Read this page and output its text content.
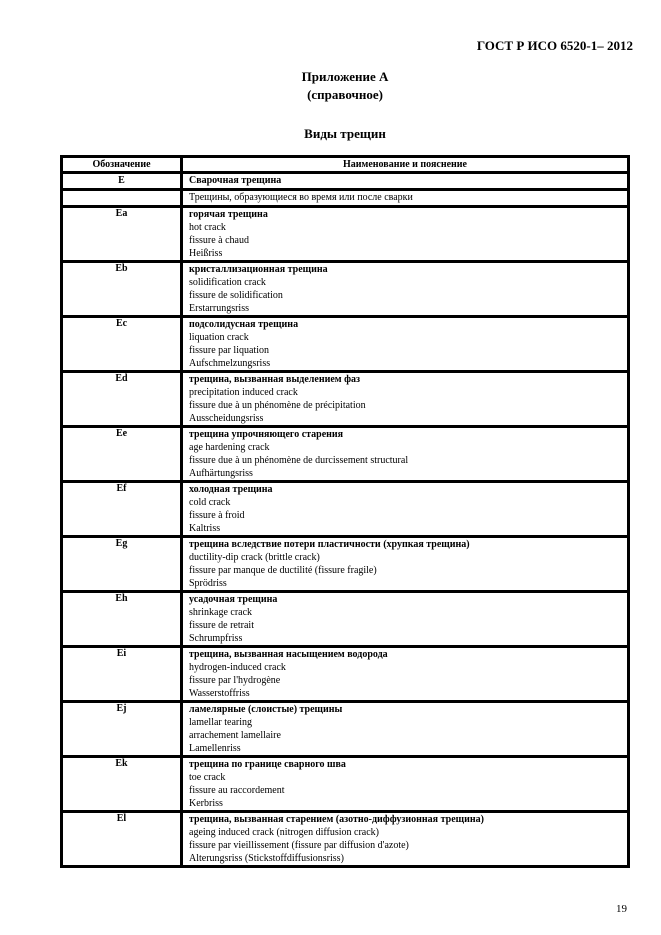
ГОСТ Р ИСО 6520-1– 2012
Приложение А
(справочное)
Виды трещин
Обозначение	Наименование и пояснение
E	Сварочная трещина
	Трещины, образующиеся во время или после сварки
Ea	горячая трещина
hot crack
fissure à chaud
Heißriss

Eb	кристаллизационная трещина
solidification crack
fissure de solidification
Erstarrungsriss

Ec	подсолидусная трещина
liquation crack
fissure par liquation
Aufschmelzungsriss

Ed	трещина, вызванная выделением фаз
precipitation induced crack
fissure due à un phénomène de précipitation
Ausscheidungsriss

Ee	трещина упрочняющего старения
age hardening crack
fissure due à un phénomène de durcissement structural
Aufhärtungsriss

Ef	холодная трещина
cold crack
fissure à froid
Kaltriss

Eg	трещина вследствие потери пластичности (хрупкая трещина)
ductility-dip crack (brittle crack)
fissure par manque de ductilité (fissure fragile)
Sprödriss

Eh	усадочная трещина
shrinkage crack
fissure de retrait
Schrumpfriss

Ei	трещина, вызванная насыщением водорода
hydrogen-induced crack
fissure par l'hydrogène
Wasserstoffriss

Ej	ламелярные (слоистые) трещины
lamellar tearing
arrachement lamellaire
Lamellenriss

Ek	трещина по границе сварного шва
toe crack
fissure au raccordement
Kerbriss

El	трещина, вызванная старением (азотно-диффузионная трещина)
ageing induced crack (nitrogen diffusion crack)
fissure par vieillissement (fissure par diffusion d'azote)
Alterungsriss (Stickstoffdiffusionsriss)
19
